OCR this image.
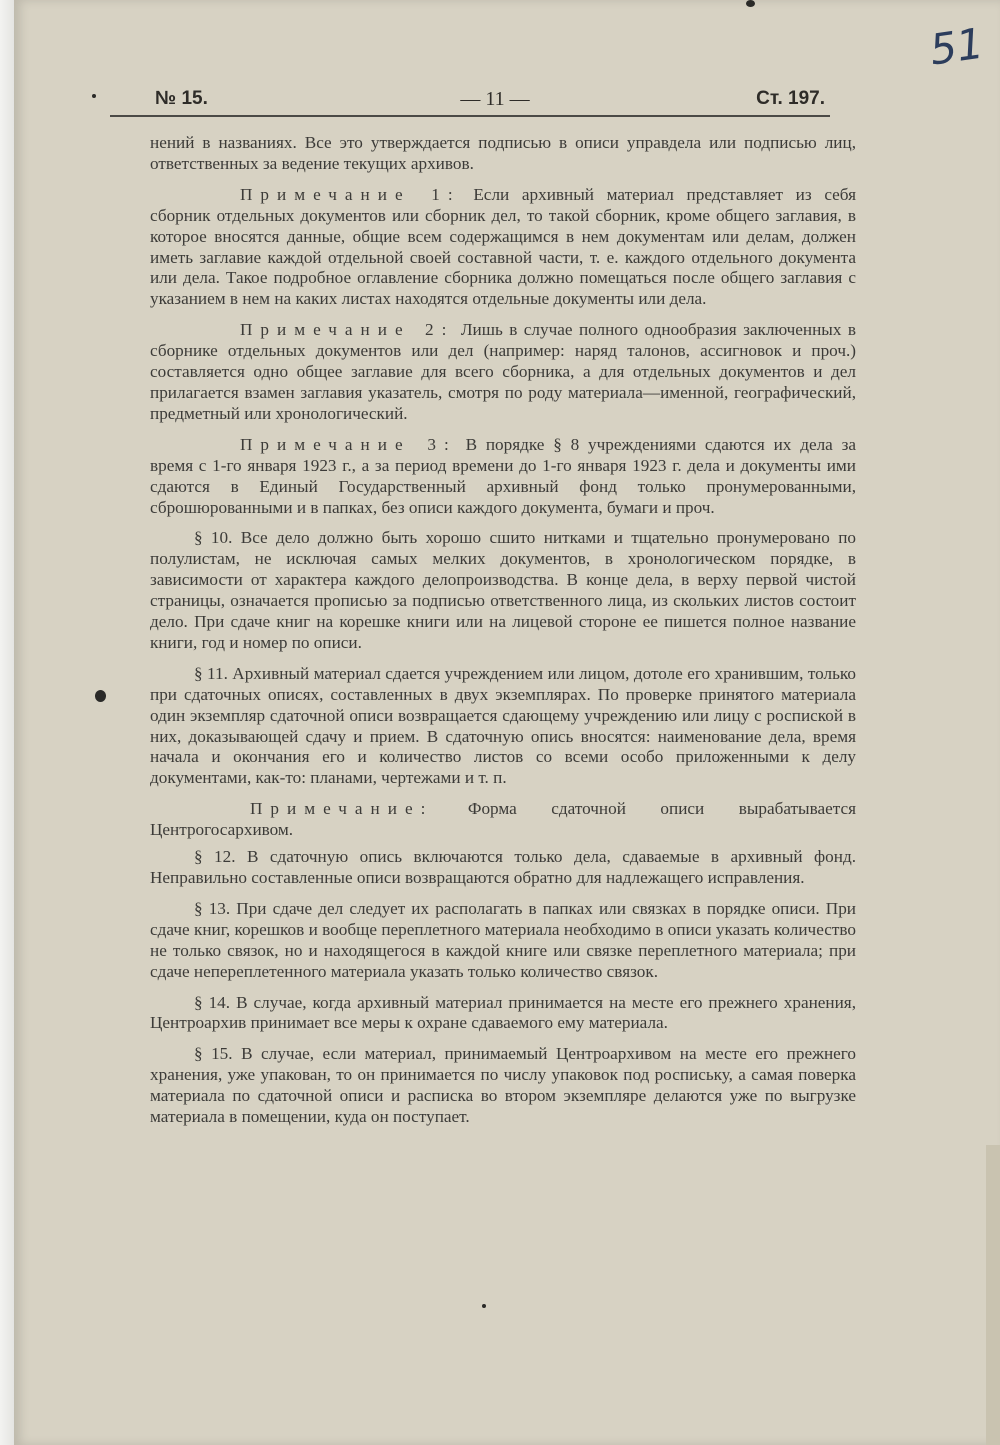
51
№ 15.	— 11 —	Ст. 197.

нений в названиях. Все это утверждается подписью в описи управдела или подписью лиц, ответственных за ведение текущих архивов.

Примечание 1: Если архивный материал представляет из себя сборник отдельных документов или сборник дел, то такой сборник, кроме общего заглавия, в которое вносятся данные, общие всем содержащимся в нем документам или делам, должен иметь заглавие каждой отдельной своей составной части, т. е. каждого отдельного документа или дела. Такое подробное оглавление сборника должно помещаться после общего заглавия с указанием в нем на каких листах находятся отдельные документы или дела.

Примечание 2: Лишь в случае полного однообразия заключенных в сборнике отдельных документов или дел (например: наряд талонов, ассигновок и проч.) составляется одно общее заглавие для всего сборника, а для отдельных документов и дел прилагается взамен заглавия указатель, смотря по роду материала—именной, географический, предметный или хронологический.

Примечание 3: В порядке § 8 учреждениями сдаются их дела за время с 1-го января 1923 г., а за период времени до 1-го января 1923 г. дела и документы ими сдаются в Единый Государственный архивный фонд только пронумерованными, сброшюрованными и в папках, без описи каждого документа, бумаги и проч.

§ 10. Все дело должно быть хорошо сшито нитками и тщательно пронумеровано по полулистам, не исключая самых мелких документов, в хронологическом порядке, в зависимости от характера каждого делопроизводства. В конце дела, в верху первой чистой страницы, означается прописью за подписью ответственного лица, из скольких листов состоит дело. При сдаче книг на корешке книги или на лицевой стороне ее пишется полное название книги, год и номер по описи.

§ 11. Архивный материал сдается учреждением или лицом, дотоле его хранившим, только при сдаточных описях, составленных в двух экземплярах. По проверке принятого материала один экземпляр сдаточной описи возвращается сдающему учреждению или лицу с роспиской в них, доказывающей сдачу и прием. В сдаточную опись вносятся: наименование дела, время начала и окончания его и количество листов со всеми особо приложенными к делу документами, как-то: планами, чертежами и т. п.

Примечание: Форма сдаточной описи вырабатывается Центрогосархивом.

§ 12. В сдаточную опись включаются только дела, сдаваемые в архивный фонд. Неправильно составленные описи возвращаются обратно для надлежащего исправления.

§ 13. При сдаче дел следует их располагать в папках или связках в порядке описи. При сдаче книг, корешков и вообще переплетного материала необходимо в описи указать количество не только связок, но и находящегося в каждой книге или связке переплетного материала; при сдаче непереплетенного материала указать только количество связок.

§ 14. В случае, когда архивный материал принимается на месте его прежнего хранения, Центроархив принимает все меры к охране сдаваемого ему материала.

§ 15. В случае, если материал, принимаемый Центроархивом на месте его прежнего хранения, уже упакован, то он принимается по числу упаковок под роспиську, а самая поверка материала по сдаточной описи и расписка во втором экземпляре делаются уже по выгрузке материала в помещении, куда он поступает.
